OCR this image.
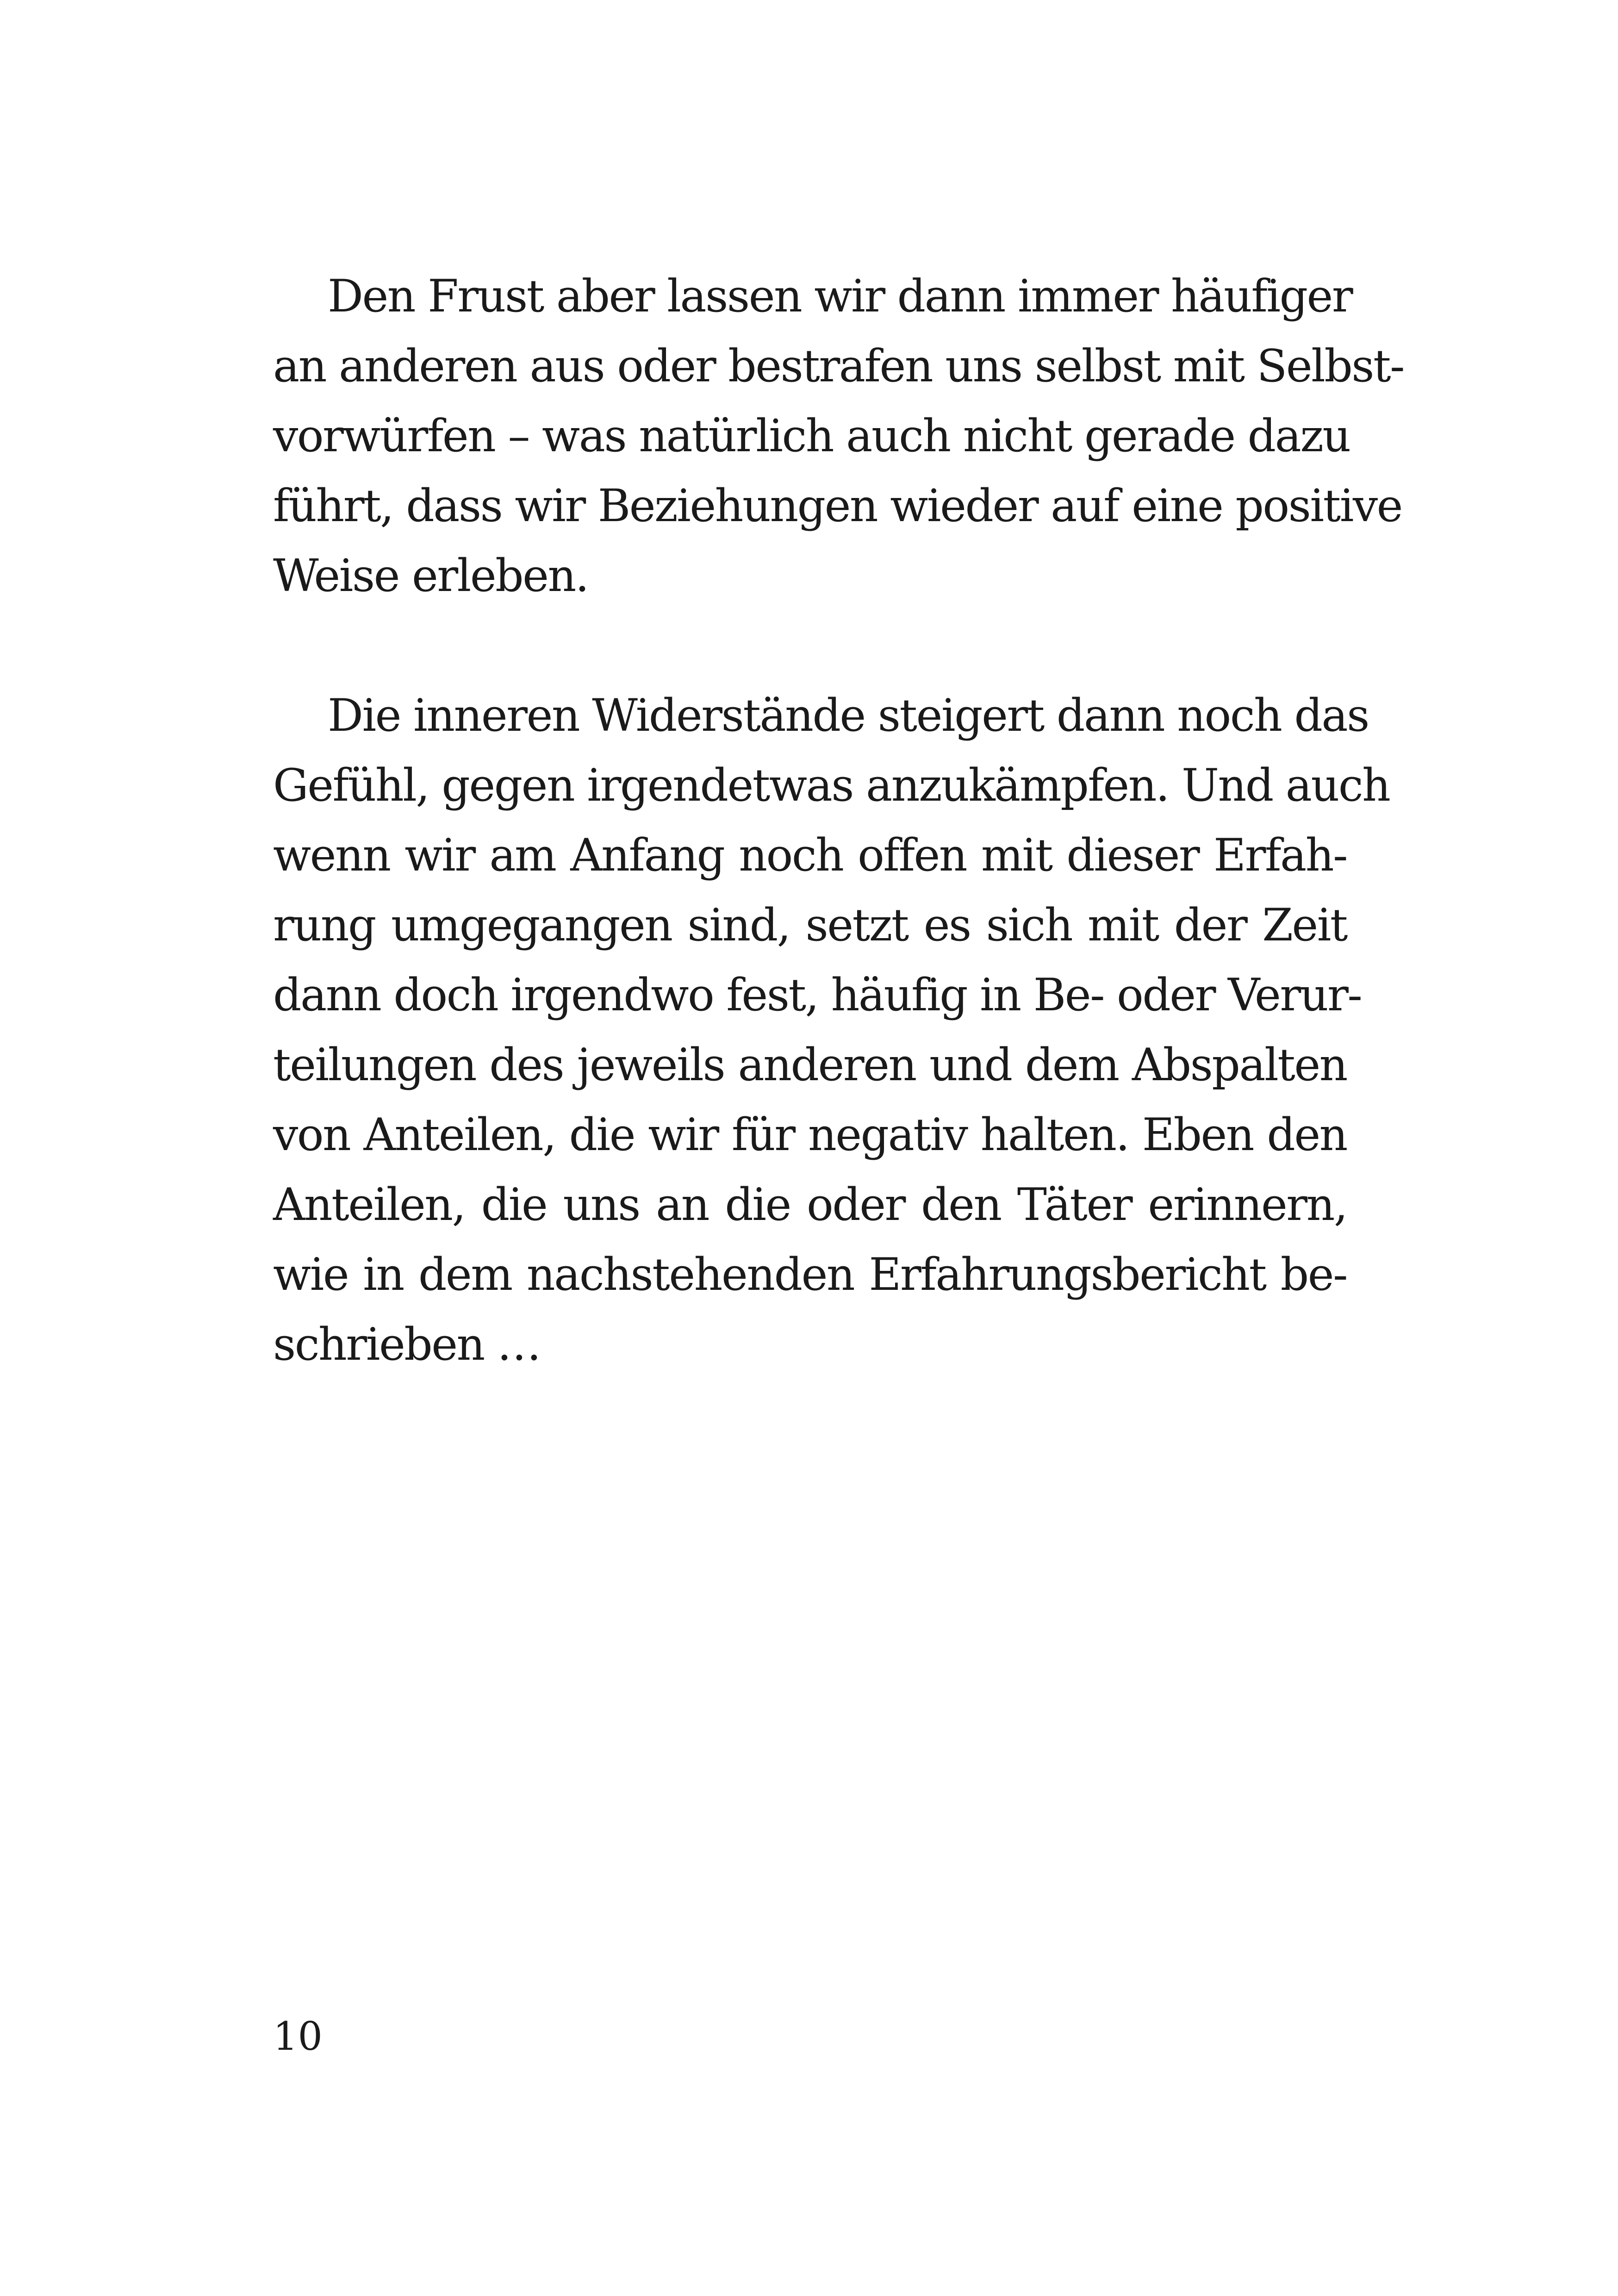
Den Frust aber lassen wir dann immer häufiger
an anderen aus oder bestrafen uns selbst mit Selbst-
vorwürfen – was natürlich auch nicht gerade dazu
führt, dass wir Beziehungen wieder auf eine positive
Weise erleben.
Die inneren Widerstände steigert dann noch das
Gefühl, gegen irgendetwas anzukämpfen. Und auch
wenn wir am Anfang noch offen mit dieser Erfah-
rung umgegangen sind, setzt es sich mit der Zeit
dann doch irgendwo fest, häufig in Be- oder Verur-
teilungen des jeweils anderen und dem Abspalten
von Anteilen, die wir für negativ halten. Eben den
Anteilen, die uns an die oder den Täter erinnern,
wie in dem nachstehenden Erfahrungsbericht be-
schrieben …
10
